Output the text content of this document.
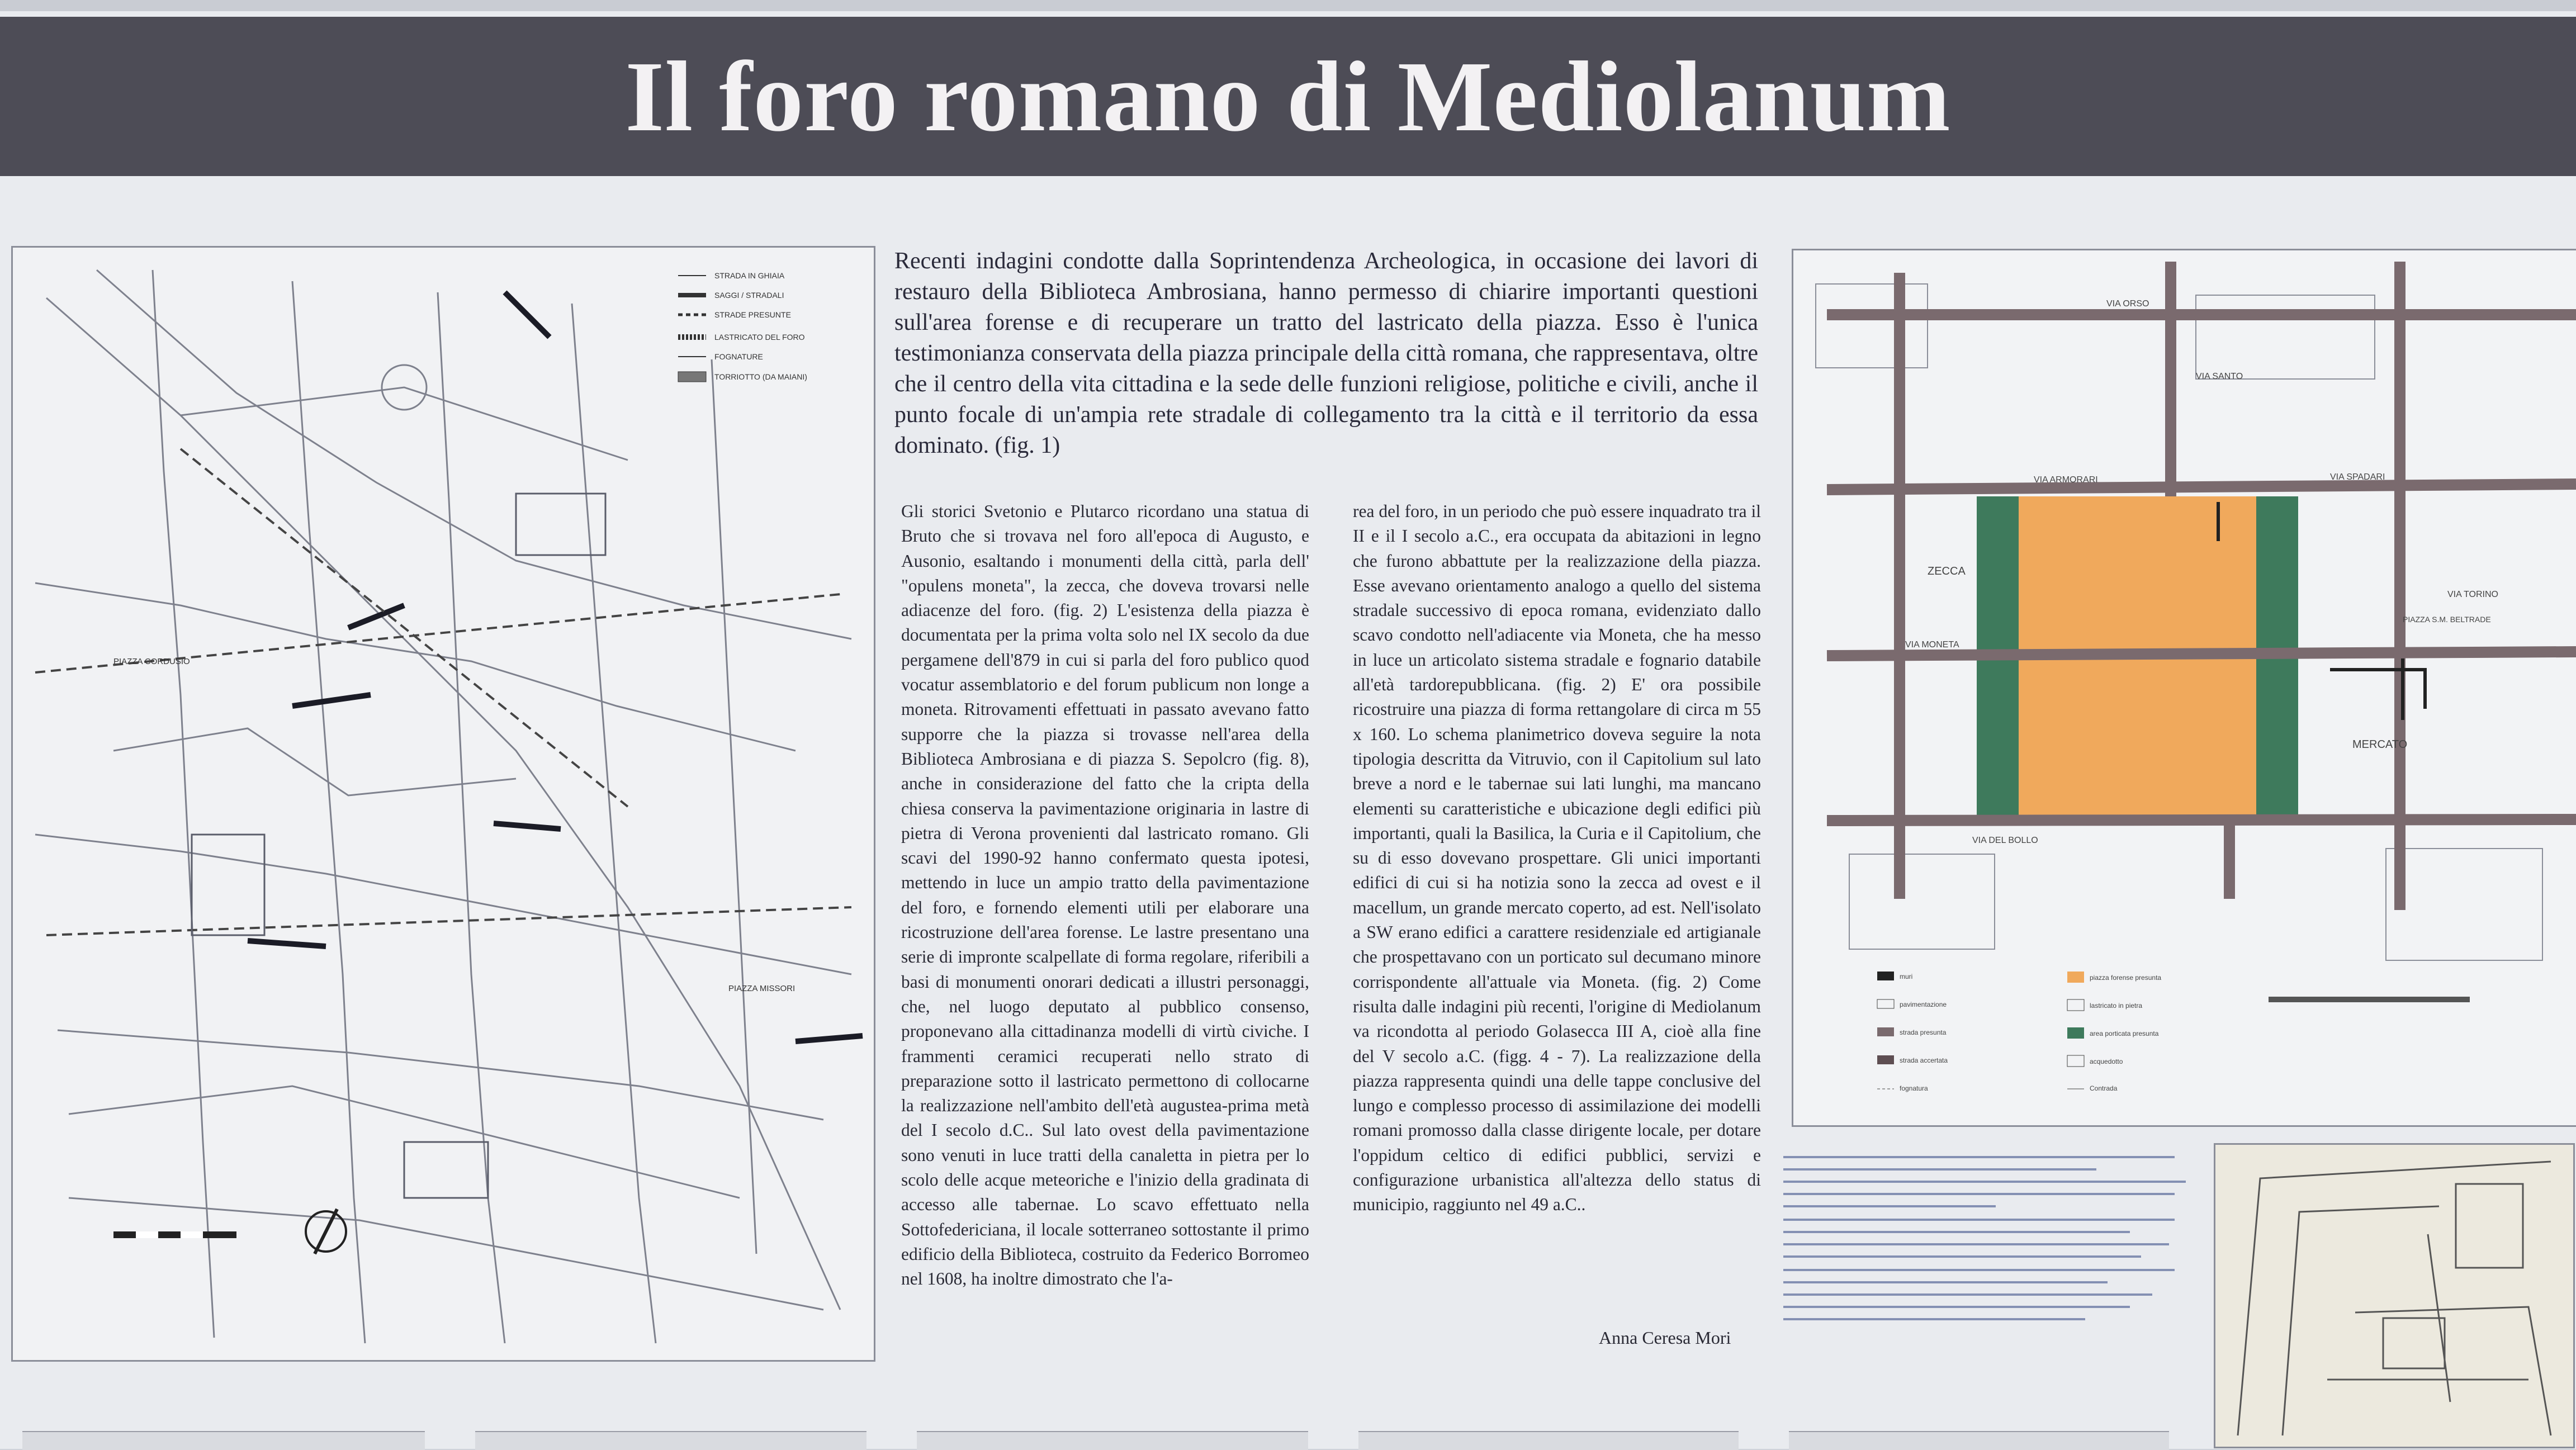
Il foro romano di Mediolanum
STRADA IN GHIAIA
SAGGI / STRADALI
STRADE PRESUNTE
LASTRICATO DEL FORO
FOGNATURE
TORRIOTTO (DA MAIANI)
PIAZZA CORDUSIO
PIAZZA MISSORI
Recenti indagini condotte dalla Soprintendenza Archeologica, in occasione dei lavori di restauro della Biblioteca Ambrosiana, hanno permesso di chiarire importanti questioni sull'area forense e di recuperare un tratto del lastricato della piazza. Esso è l'unica testimonianza conservata della piazza principale della città romana, che rappresentava, oltre che il centro della vita cittadina e la sede delle funzioni religiose, politiche e civili, anche il punto focale di un'ampia rete stradale di collegamento tra la città e il territorio da essa dominato. (fig. 1)
Gli storici Svetonio e Plutarco ricordano una statua di Bruto che si trovava nel foro all'epoca di Augusto, e Ausonio, esaltando i monumenti della città, parla dell' "opulens moneta", la zecca, che doveva trovarsi nelle adiacenze del foro. (fig. 2) L'esistenza della piazza è documentata per la prima volta solo nel IX secolo da due pergamene dell'879 in cui si parla del foro publico quod vocatur assemblatorio e del forum publicum non longe a moneta. Ritrovamenti effettuati in passato avevano fatto supporre che la piazza si trovasse nell'area della Biblioteca Ambrosiana e di piazza S. Sepolcro (fig. 8), anche in considerazione del fatto che la cripta della chiesa conserva la pavimentazione originaria in lastre di pietra di Verona provenienti dal lastricato romano. Gli scavi del 1990-92 hanno confermato questa ipotesi, mettendo in luce un ampio tratto della pavimentazione del foro, e fornendo elementi utili per elaborare una ricostruzione dell'area forense. Le lastre presentano una serie di impronte scalpellate di forma regolare, riferibili a basi di monumenti onorari dedicati a illustri personaggi, che, nel luogo deputato al pubblico consenso, proponevano alla cittadinanza modelli di virtù civiche. I frammenti ceramici recuperati nello strato di preparazione sotto il lastricato permettono di collocarne la realizzazione nell'ambito dell'età augustea-prima metà del I secolo d.C.. Sul lato ovest della pavimentazione sono venuti in luce tratti della canaletta in pietra per lo scolo delle acque meteoriche e l'inizio della gradinata di accesso alle tabernae. Lo scavo effettuato nella Sottofedericiana, il locale sotterraneo sottostante il primo edificio della Biblioteca, costruito da Federico Borromeo nel 1608, ha inoltre dimostrato che l'a-
rea del foro, in un periodo che può essere inquadrato tra il II e il I secolo a.C., era occupata da abitazioni in legno che furono abbattute per la realizzazione della piazza. Esse avevano orientamento analogo a quello del sistema stradale successivo di epoca romana, evidenziato dallo scavo condotto nell'adiacente via Moneta, che ha messo in luce un articolato sistema stradale e fognario databile all'età tardorepubblicana. (fig. 2) E' ora possibile ricostruire una piazza di forma rettangolare di circa m 55 x 160. Lo schema planimetrico doveva seguire la nota tipologia descritta da Vitruvio, con il Capitolium sul lato breve a nord e le tabernae sui lati lunghi, ma mancano elementi su caratteristiche e ubicazione degli edifici più importanti, quali la Basilica, la Curia e il Capitolium, che su di esso dovevano prospettare. Gli unici importanti edifici di cui si ha notizia sono la zecca ad ovest e il macellum, un grande mercato coperto, ad est. Nell'isolato a SW erano edifici a carattere residenziale ed artigianale che prospettavano con un porticato sul decumano minore corrispondente all'attuale via Moneta. (fig. 2) Come risulta dalle indagini più recenti, l'origine di Mediolanum va ricondotta al periodo Golasecca III A, cioè alla fine del V secolo a.C. (figg. 4 - 7). La realizzazione della piazza rappresenta quindi una delle tappe conclusive del lungo e complesso processo di assimilazione dei modelli romani promosso dalla classe dirigente locale, per dotare l'oppidum celtico di edifici pubblici, servizi e configurazione urbanistica all'altezza dello status di municipio, raggiunto nel 49 a.C..
Anna Ceresa Mori
VIA ORSO
VIA SANTO
VIA SPADARI
VIA ARMORARI
VIA MONETA
VIA DEL BOLLO
VIA TORINO
ZECCA
MERCATO
PIAZZA S.M. BELTRADE
muri
pavimentazione
strada presunta
strada accertata
fognatura
piazza forense presunta
lastricato in pietra
area porticata presunta
acquedotto
Contrada
